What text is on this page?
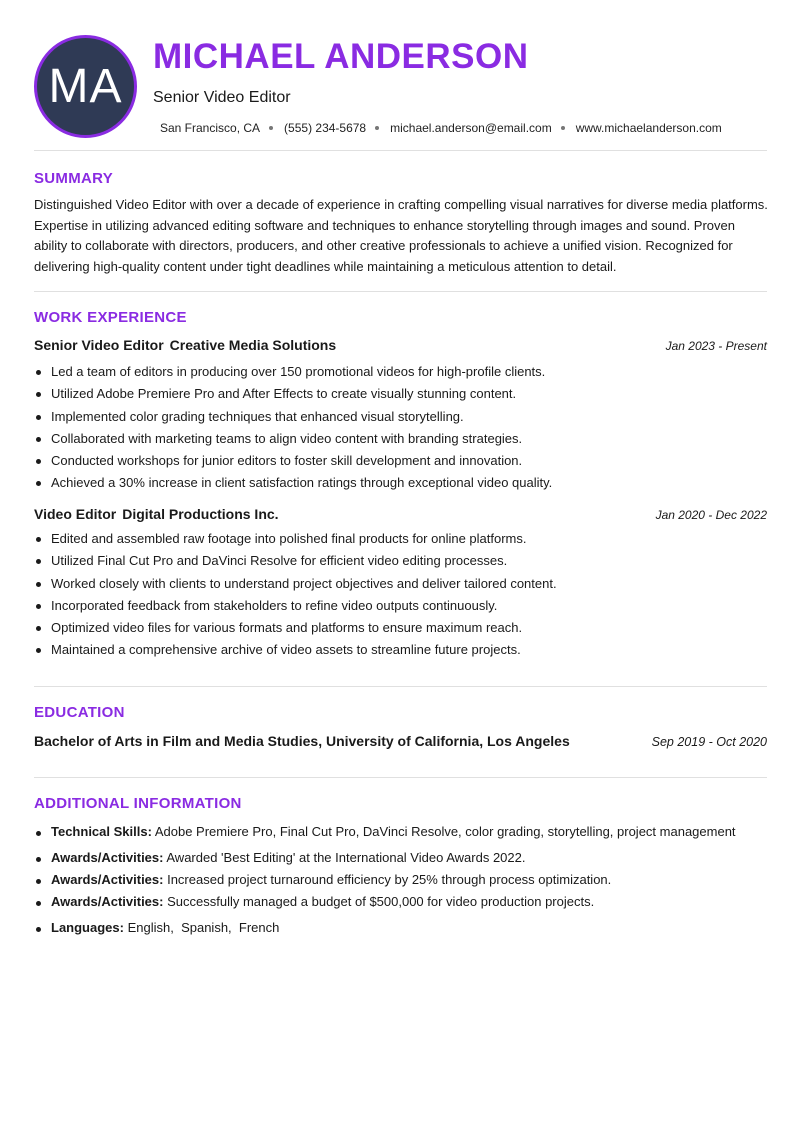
MA
MICHAEL ANDERSON
Senior Video Editor
San Francisco, CA (555) 234-5678 michael.anderson@email.com www.michaelanderson.com
SUMMARY

Distinguished Video Editor with over a decade of experience in crafting compelling visual narratives for diverse media platforms. Expertise in utilizing advanced editing software and techniques to enhance storytelling through images and sound. Proven ability to collaborate with directors, producers, and other creative professionals to achieve a unified vision. Recognized for delivering high-quality content under tight deadlines while maintaining a meticulous attention to detail.

WORK EXPERIENCE
Senior Video Editor Creative Media Solutions	Jan 2023 - Present
Led a team of editors in producing over 150 promotional videos for high-profile clients.
Utilized Adobe Premiere Pro and After Effects to create visually stunning content.
Implemented color grading techniques that enhanced visual storytelling.
Collaborated with marketing teams to align video content with branding strategies.
Conducted workshops for junior editors to foster skill development and innovation.
Achieved a 30% increase in client satisfaction ratings through exceptional video quality.
Video Editor Digital Productions Inc.	Jan 2020 - Dec 2022
Edited and assembled raw footage into polished final products for online platforms.
Utilized Final Cut Pro and DaVinci Resolve for efficient video editing processes.
Worked closely with clients to understand project objectives and deliver tailored content.
Incorporated feedback from stakeholders to refine video outputs continuously.
Optimized video files for various formats and platforms to ensure maximum reach.
Maintained a comprehensive archive of video assets to streamline future projects.
EDUCATION
Bachelor of Arts in Film and Media Studies, University of California, Los Angeles	Sep 2019 - Oct 2020
ADDITIONAL INFORMATION
Technical Skills: Adobe Premiere Pro, Final Cut Pro, DaVinci Resolve, color grading, storytelling, project management
Awards/Activities: Awarded 'Best Editing' at the International Video Awards 2022.
Awards/Activities: Increased project turnaround efficiency by 25% through process optimization.
Awards/Activities: Successfully managed a budget of $500,000 for video production projects.
Languages: English,  Spanish,  French
